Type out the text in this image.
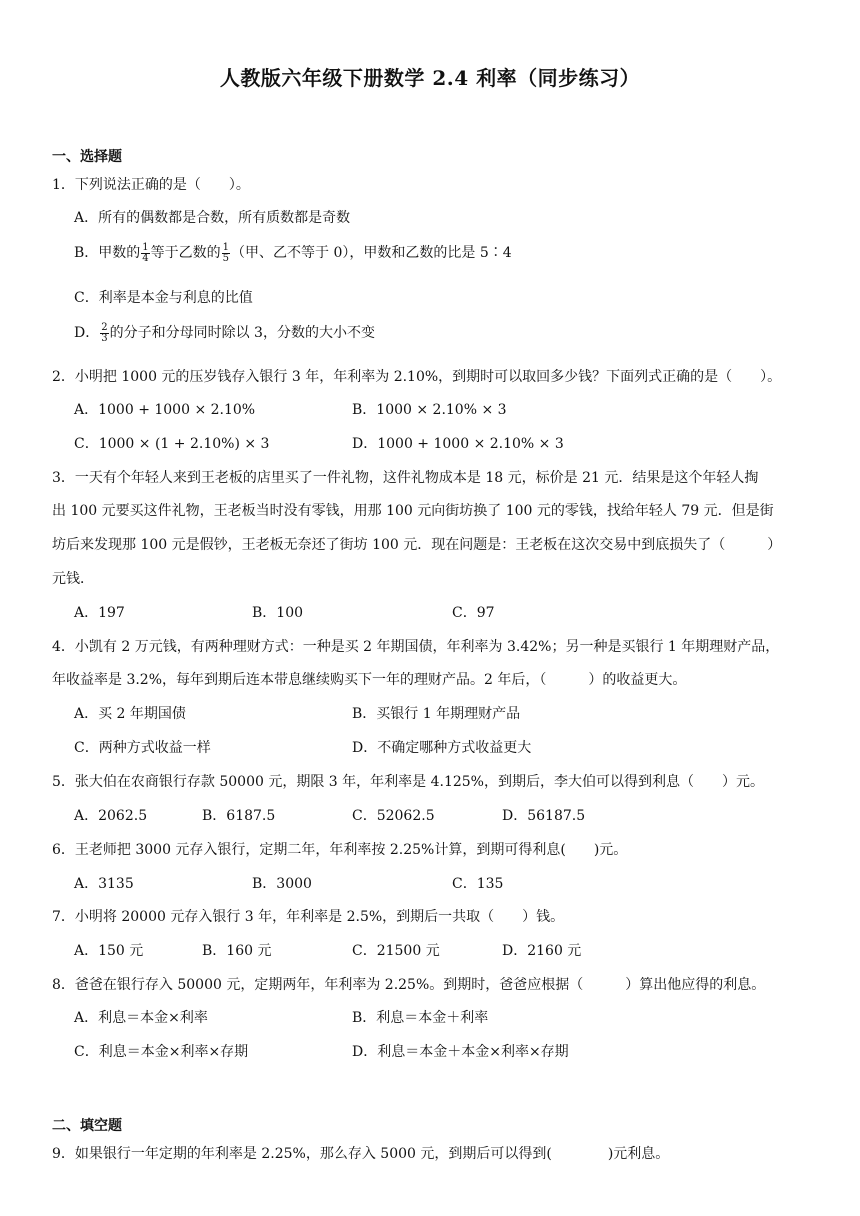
人教版六年级下册数学 2.4 利率（同步练习）
一、选择题
1．下列说法正确的是（　　）。
A．所有的偶数都是合数，所有质数都是奇数
B．甲数的 $\frac{1}{4}$ 等于乙数的 $\frac{1}{5}$ （甲、乙不等于 0），甲数和乙数的比是 5∶4
C．利率是本金与利息的比值
D． $\frac{2}{3}$ 的分子和分母同时除以 3，分数的大小不变
2．小明把 1000 元的压岁钱存入银行 3 年，年利率为 2.10%，到期时可以取回多少钱？下面列式正确的是（　　）。
A．1000 + 1000 × 2.10%	B．1000 × 2.10% × 3
C．1000 × (1 + 2.10%) × 3	D．1000 + 1000 × 2.10% × 3
3．一天有个年轻人来到王老板的店里买了一件礼物，这件礼物成本是 18 元，标价是 21 元．结果是这个年轻人掏
出 100 元要买这件礼物，王老板当时没有零钱，用那 100 元向街坊换了 100 元的零钱，找给年轻人 79 元．但是街
坊后来发现那 100 元是假钞，王老板无奈还了街坊 100 元．现在问题是：王老板在这次交易中到底损失了（　　　）
元钱．
A．197	B．100	C．97
4．小凯有 2 万元钱，有两种理财方式：一种是买 2 年期国债，年利率为 3.42%；另一种是买银行 1 年期理财产品，
年收益率是 3.2%，每年到期后连本带息继续购买下一年的理财产品。2 年后，（　　　）的收益更大。
A．买 2 年期国债	B．买银行 1 年期理财产品
C．两种方式收益一样	D．不确定哪种方式收益更大
5．张大伯在农商银行存款 50000 元，期限 3 年，年利率是 4.125%，到期后，李大伯可以得到利息（　　）元。
A．2062.5	B．6187.5	C．52062.5	D．56187.5
6．王老师把 3000 元存入银行，定期二年，年利率按 2.25%计算，到期可得利息(　　)元。
A．3135	B．3000	C．135
7．小明将 20000 元存入银行 3 年，年利率是 2.5%，到期后一共取（　　）钱。
A．150 元	B．160 元	C．21500 元	D．2160 元
8．爸爸在银行存入 50000 元，定期两年，年利率为 2.25%。到期时，爸爸应根据（　　　）算出他应得的利息。
A．利息＝本金×利率	B．利息＝本金＋利率
C．利息＝本金×利率×存期	D．利息＝本金＋本金×利率×存期
二、填空题
9．如果银行一年定期的年利率是 2.25%，那么存入 5000 元，到期后可以得到(　　　　)元利息。
